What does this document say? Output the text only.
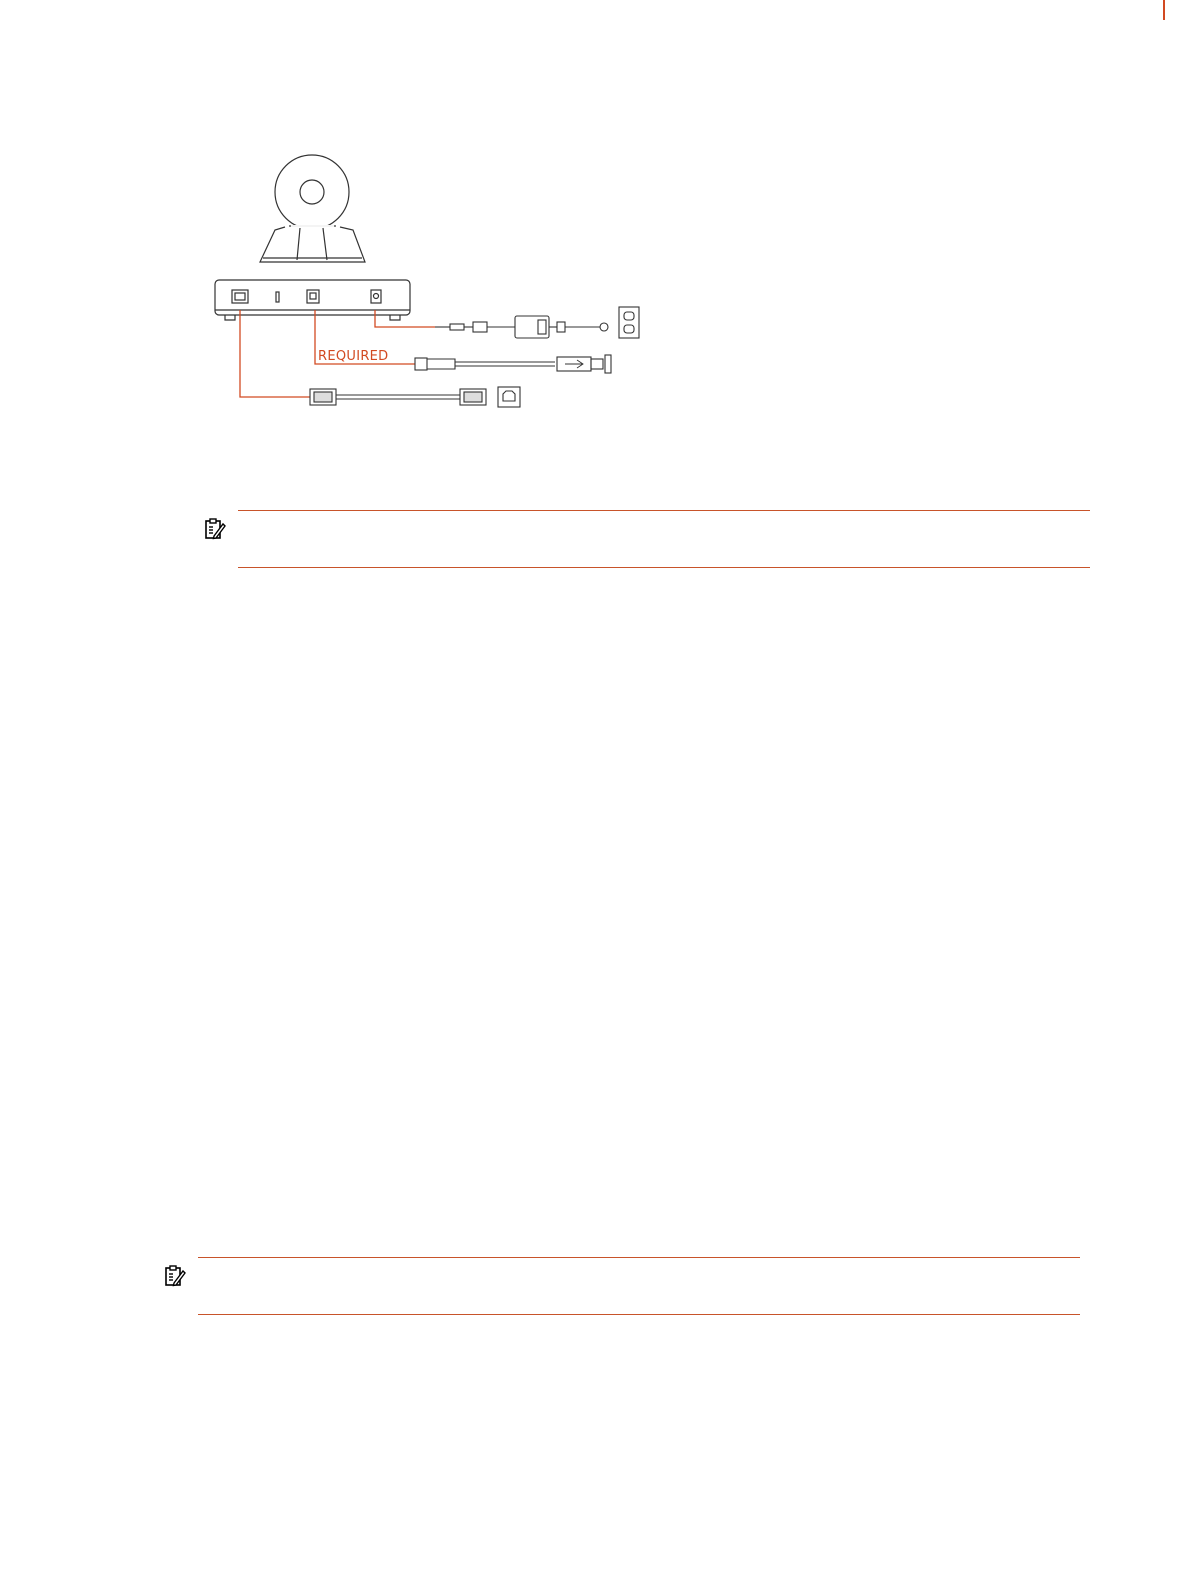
REQUIRED
